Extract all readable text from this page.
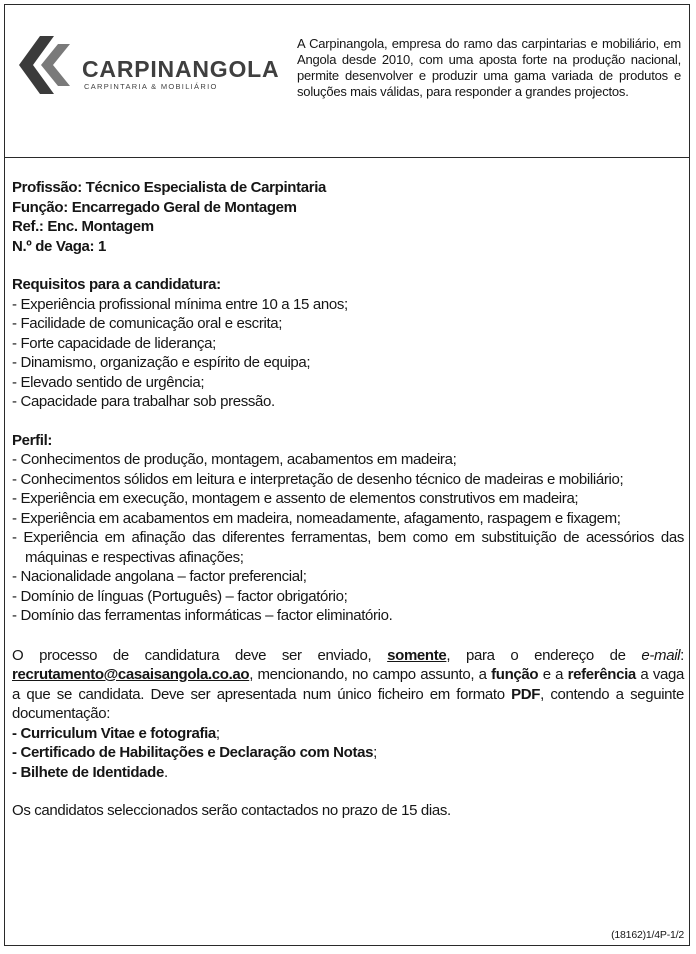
CARPINANGOLA
CARPINTARIA & MOBILIÁRIO
A Carpinangola, empresa do ramo das carpintarias e mobiliário, em Angola desde 2010, com uma aposta forte na produção nacional, permite desenvolver e produzir uma gama variada de produtos e soluções mais válidas, para responder a grandes projectos.

Profissão: Técnico Especialista de Carpintaria

Função: Encarregado Geral de Montagem

Ref.: Enc. Montagem

N.º de Vaga: 1

Requisitos para a candidatura:

- Experiência profissional mínima entre 10 a 15 anos;

- Facilidade de comunicação oral e escrita;

- Forte capacidade de liderança;

- Dinamismo, organização e espírito de equipa;

- Elevado sentido de urgência;

- Capacidade para trabalhar sob pressão.

Perfil:

- Conhecimentos de produção, montagem, acabamentos em madeira;

- Conhecimentos sólidos em leitura e interpretação de desenho técnico de madeiras e mobiliário;

- Experiência em execução, montagem e assento de elementos construtivos em madeira;

- Experiência em acabamentos em madeira, nomeadamente, afagamento, raspagem e fixagem;

- Experiência em afinação das diferentes ferramentas, bem como em substituição de acessórios das máquinas e respectivas afinações;

- Nacionalidade angolana – factor preferencial;

- Domínio de línguas (Português) – factor obrigatório;

- Domínio das ferramentas informáticas – factor eliminatório.

O processo de candidatura deve ser enviado, somente, para o endereço de e-mail: recrutamento@casaisangola.co.ao, mencionando, no campo assunto, a função e a referência a vaga a que se candidata. Deve ser apresentada num único ficheiro em formato PDF, contendo a seguinte documentação:

- Curriculum Vitae e fotografia;

- Certificado de Habilitações e Declaração com Notas;

- Bilhete de Identidade.

Os candidatos seleccionados serão contactados no prazo de 15 dias.

(18162)1/4P-1/2
